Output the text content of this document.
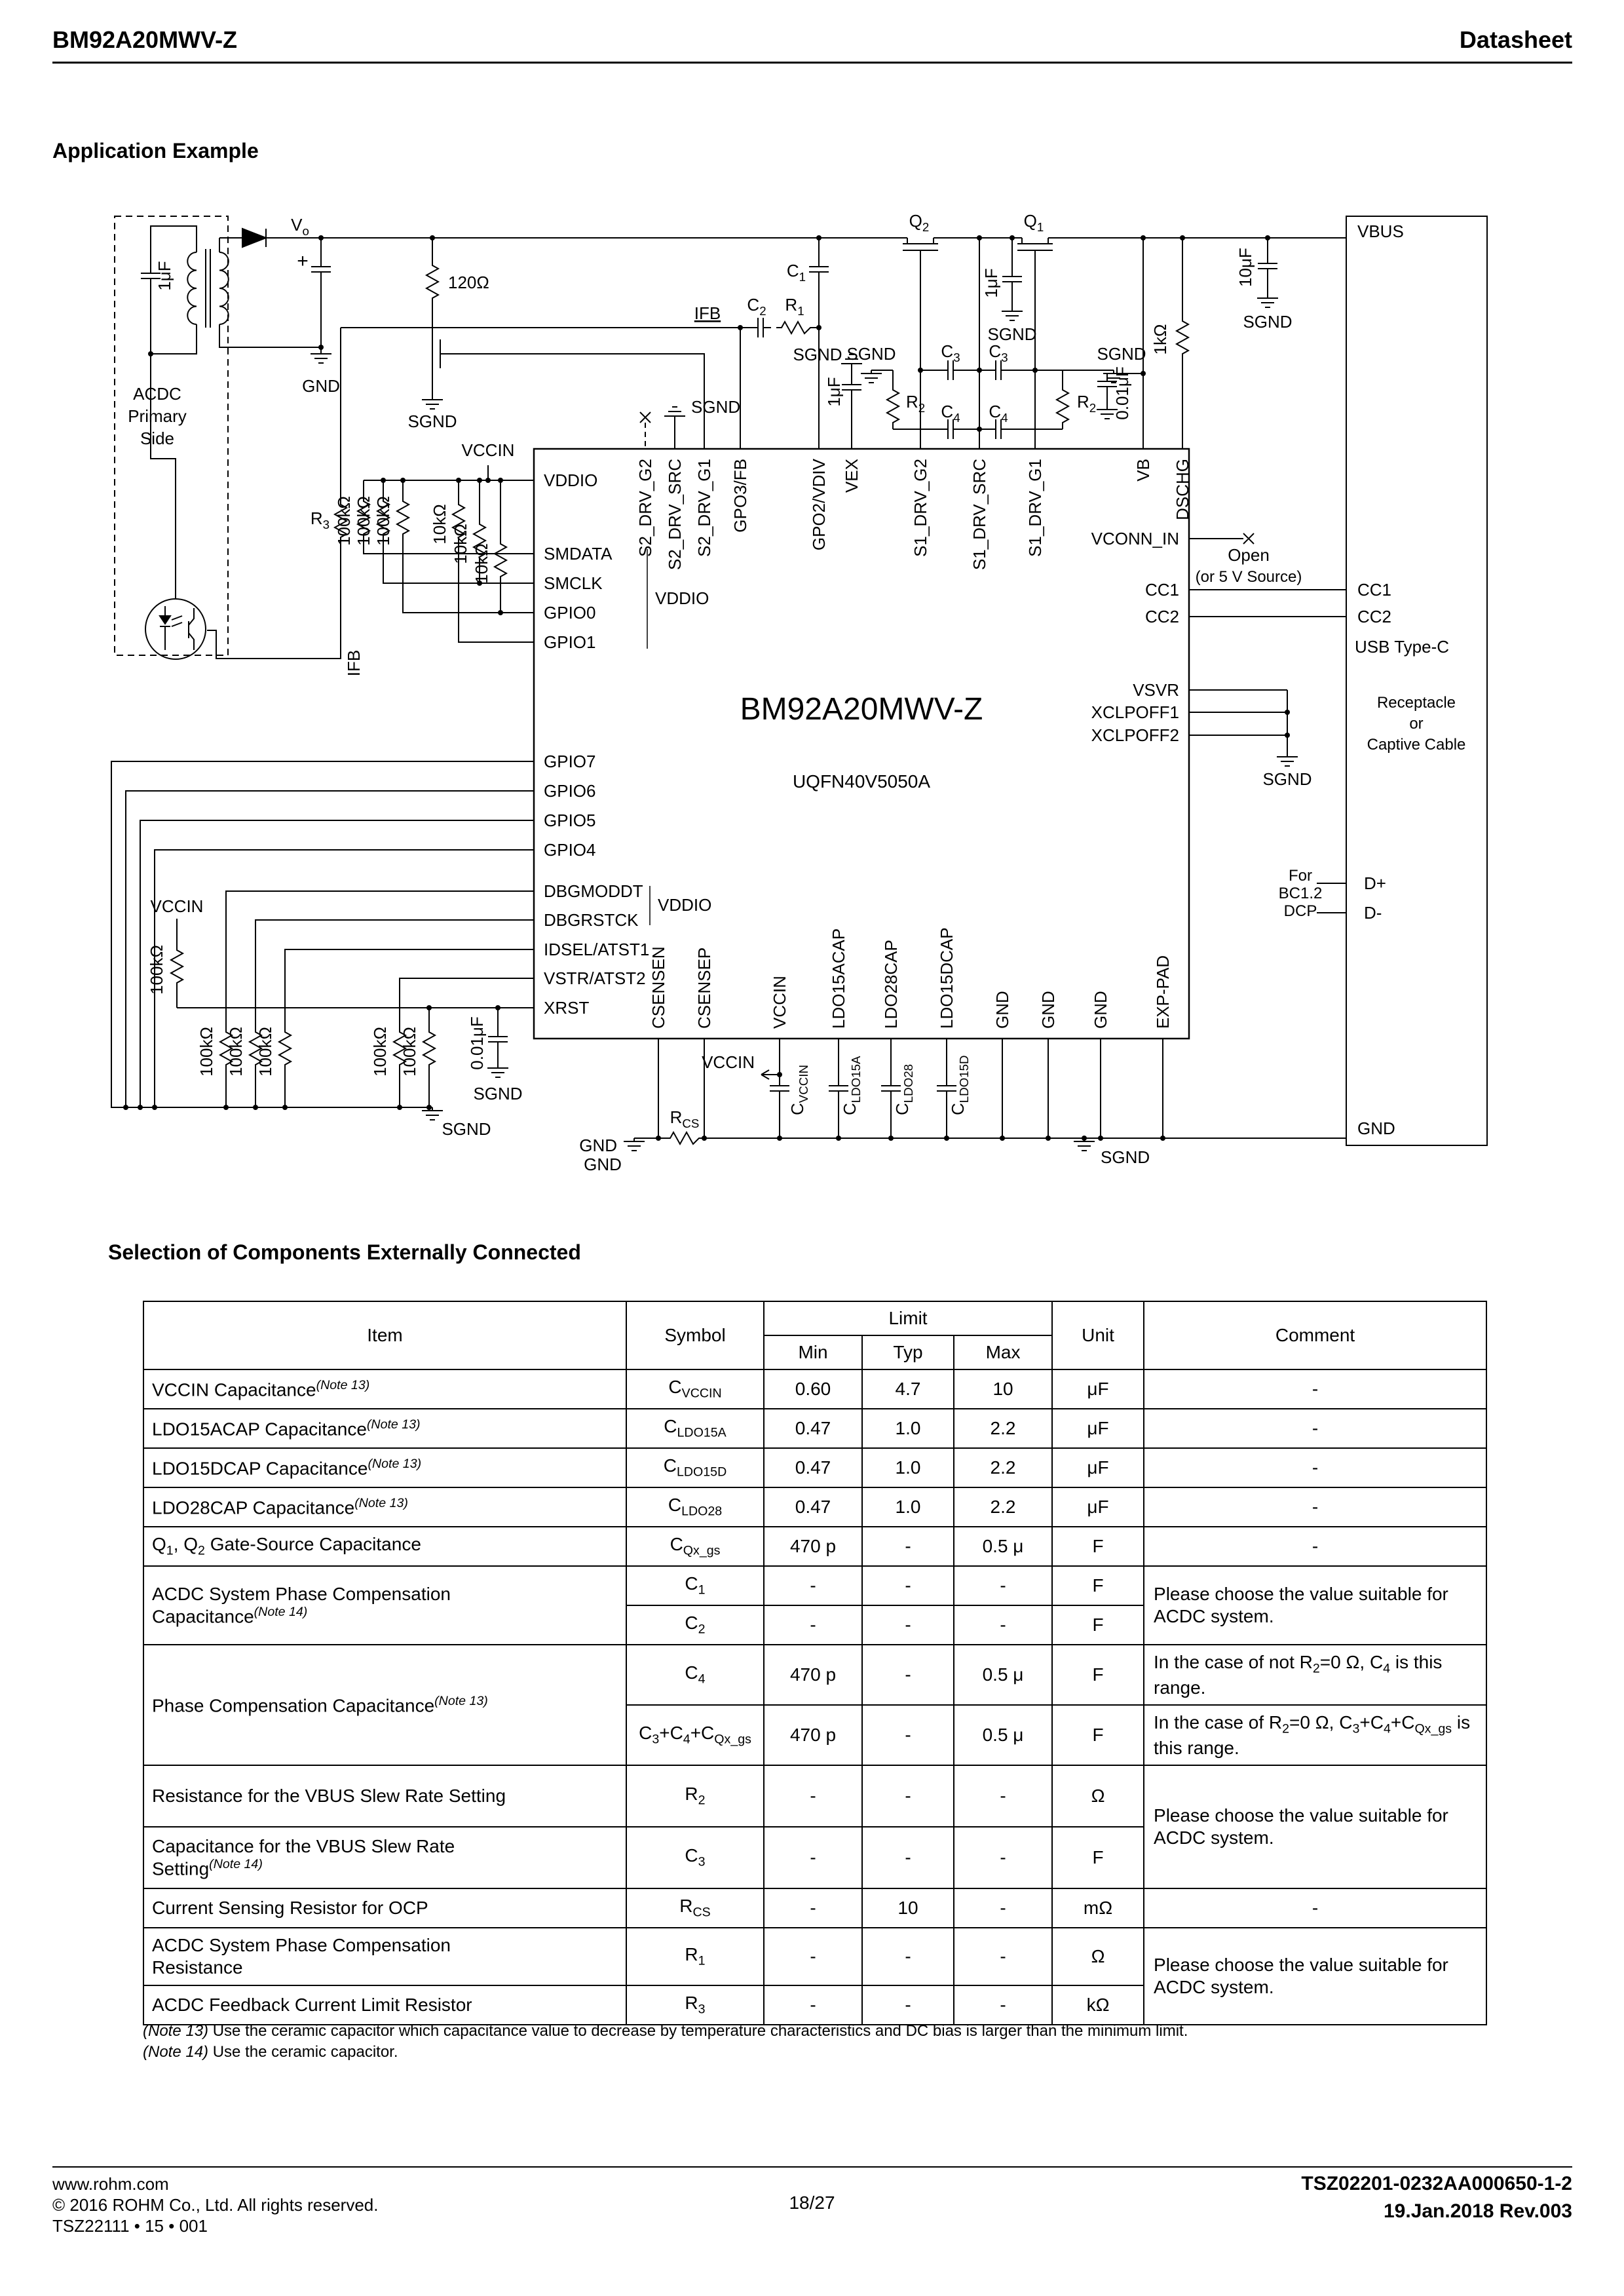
BM92A20MWV-Z	Datasheet
Application Example
$V_o$
1μF
ACDC
Primary
Side
+
GND
120Ω
SGND
IFB $C_2$ $R_1$
$C_1$
SGND
1μF
$Q_2$	$Q_1$
1μF
SGND
SGND	SGND
$C_3$ $C_3$
$C_4$ $C_4$
$R_2$	$R_2$ 0.01μF
1kΩ
10μF
SGND
VCCIN
$R_3$ 100kΩ 100kΩ 100kΩ 10kΩ 10kΩ 10kΩ
IFB
VDDIO
VDDIO
VDDIO
SMDATA
SMCLK
GPIO0
GPIO1
GPIO7
GPIO6
GPIO5
GPIO4
DBGMODDT
DBGRSTCK
IDSEL/ATST1
VSTR/ATST2
XRST
VCONN_IN
CC1
CC2
VSVR
XCLPOFF1
XCLPOFF2
S2_DRV_G2 S2_DRV_SRC S2_DRV_G1 GPO3/FB	GPO2/VDIV VEX	S1_DRV_G2 S1_DRV_SRC S1_DRV_G1	VB DSCHG
CSENSEN CSENSEP	VCCIN LDO15ACAP LDO28CAP LDO15DCAP GND GND GND	EXP-PAD
BM92A20MWV-Z
UQFN40V5050A
SGND
SGND
Open
(or 5 V Source)
For
BC1.2
DCP
VBUS
CC1
CC2
USB Type-C
Receptacle
or
Captive Cable
D+
D-
GND
VCCIN
100kΩ
100kΩ 100kΩ 100kΩ	100kΩ 100kΩ	0.01μF
SGND
SGND
GND
$R_{CS}$
SGND
VCCIN
$C_{VCCIN}$
$C_{LDO15A}$
$C_{LDO28}$
$C_{LDO15D}$
GND
Selection of Components Externally Connected
Item	Symbol	Limit			Unit	Comment
		Min	Typ	Max		
VCCIN Capacitance$^{(Note 13)}$	$C_{VCCIN}$	0.60	4.7	10	μF	-
LDO15ACAP Capacitance$^{(Note 13)}$	$C_{LDO15A}$	0.47	1.0	2.2	μF	-
LDO15DCAP Capacitance$^{(Note 13)}$	$C_{LDO15D}$	0.47	1.0	2.2	μF	-
LDO28CAP Capacitance$^{(Note 13)}$	$C_{LDO28}$	0.47	1.0	2.2	μF	-
$Q_1$, $Q_2$ Gate-Source Capacitance	$C_{Qx\_gs}$	470 p	-	0.5 μ	F	-
ACDC System Phase Compensation Capacitance$^{(Note 14)}$	$C_1$	-	-	-	F	Please choose the value suitable for ACDC system.
	$C_2$	-	-	-	F	
Phase Compensation Capacitance$^{(Note 13)}$	$C_4$	470 p	-	0.5 μ	F	In the case of not $R_2=0$ Ω, $C_4$ is this range.
	$C_3+C_4+C_{Qx\_gs}$	470 p	-	0.5 μ	F	In the case of $R_2=0$ Ω, $C_3+C_4+C_{Qx\_gs}$ is this range.
Resistance for the VBUS Slew Rate Setting	$R_2$	-	-	-	Ω	Please choose the value suitable for ACDC system.
Capacitance for the VBUS Slew Rate Setting$^{(Note 14)}$	$C_3$	-	-	-	F	
Current Sensing Resistor for OCP	$R_{CS}$	-	10	-	mΩ	-
ACDC System Phase Compensation Resistance	$R_1$	-	-	-	Ω	Please choose the value suitable for ACDC system.
ACDC Feedback Current Limit Resistor	$R_3$	-	-	-	kΩ	
(Note 13) Use the ceramic capacitor which capacitance value to decrease by temperature characteristics and DC bias is larger than the minimum limit.
(Note 14) Use the ceramic capacitor.
www.rohm.com
© 2016 ROHM Co., Ltd. All rights reserved.
TSZ22111 • 15 • 001
18/27
TSZ02201-0232AA000650-1-2
19.Jan.2018 Rev.003
